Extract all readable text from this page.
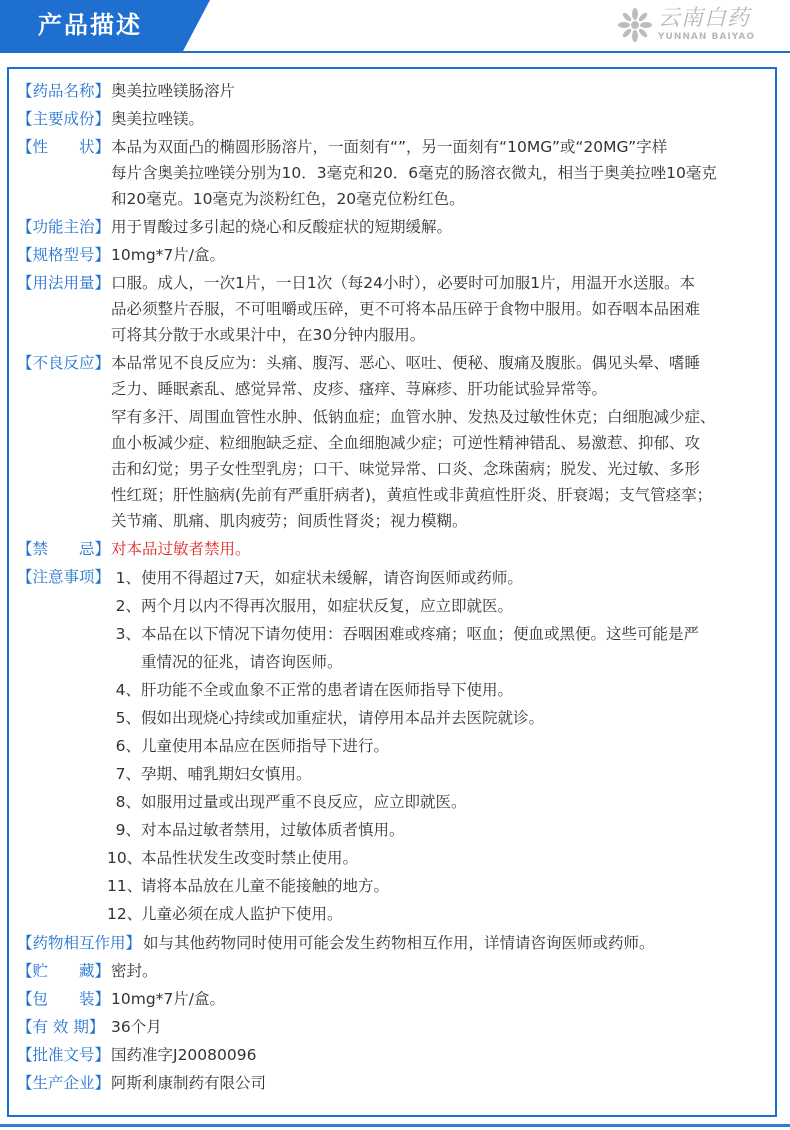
产品描述	云南白药
YUNNAN BAIYAO
【药品名称】 奥美拉唑镁肠溶片
【主要成份】 奥美拉唑镁。
【性　　状】 本品为双面凸的椭圆形肠溶片，一面刻有“”，另一面刻有“10MG”或“20MG”字样

每片含奥美拉唑镁分别为10．3毫克和20．6毫克的肠溶衣微丸，相当于奥美拉唑10毫克

和20毫克。10毫克为淡粉红色，20毫克位粉红色。

【功能主治】 用于胃酸过多引起的烧心和反酸症状的短期缓解。
【规格型号】 10mg*7片/盒。
【用法用量】 口服。成人，一次1片，一日1次（每24小时），必要时可加服1片，用温开水送服。本

品必须整片吞服，不可咀嚼或压碎，更不可将本品压碎于食物中服用。如吞咽本品困难

可将其分散于水或果汁中，在30分钟内服用。

【不良反应】 本品常见不良反应为：头痛、腹泻、恶心、呕吐、便秘、腹痛及腹胀。偶见头晕、嗜睡

乏力、睡眠紊乱、感觉异常、皮疹、瘙痒、荨麻疹、肝功能试验异常等。

罕有多汗、周围血管性水肿、低钠血症；血管水肿、发热及过敏性休克；白细胞减少症、

血小板减少症、粒细胞缺乏症、全血细胞减少症；可逆性精神错乱、易激惹、抑郁、攻

击和幻觉；男子女性型乳房；口干、味觉异常、口炎、念珠菌病；脱发、光过敏、多形

性红斑；肝性脑病(先前有严重肝病者)，黄疸性或非黄疸性肝炎、肝衰竭；支气管痉挛；

关节痛、肌痛、肌肉疲劳；间质性肾炎；视力模糊。

【禁　　忌】 对本品过敏者禁用。
【注意事项】 1、 使用不得超过7天，如症状未缓解，请咨询医师或药师。

2、 两个月以内不得再次服用，如症状反复，应立即就医。

3、 本品在以下情况下请勿使用：吞咽困难或疼痛；呕血；便血或黑便。这些可能是严

重情况的征兆，请咨询医师。

4、 肝功能不全或血象不正常的患者请在医师指导下使用。

5、 假如出现烧心持续或加重症状，请停用本品并去医院就诊。

6、 儿童使用本品应在医师指导下进行。

7、 孕期、哺乳期妇女慎用。

8、 如服用过量或出现严重不良反应，应立即就医。

9、 对本品过敏者禁用，过敏体质者慎用。

10、

本品性状发生改变时禁止使用。

11、

请将本品放在儿童不能接触的地方。

12、

儿童必须在成人监护下使用。

【药物相互作用】 如与其他药物同时使用可能会发生药物相互作用，详情请咨询医师或药师。
【贮　　藏】 密封。
【包　　装】 10mg*7片/盒。
【有 效 期】 36个月
【批准文号】 国药准字J20080096
【生产企业】 阿斯利康制药有限公司
